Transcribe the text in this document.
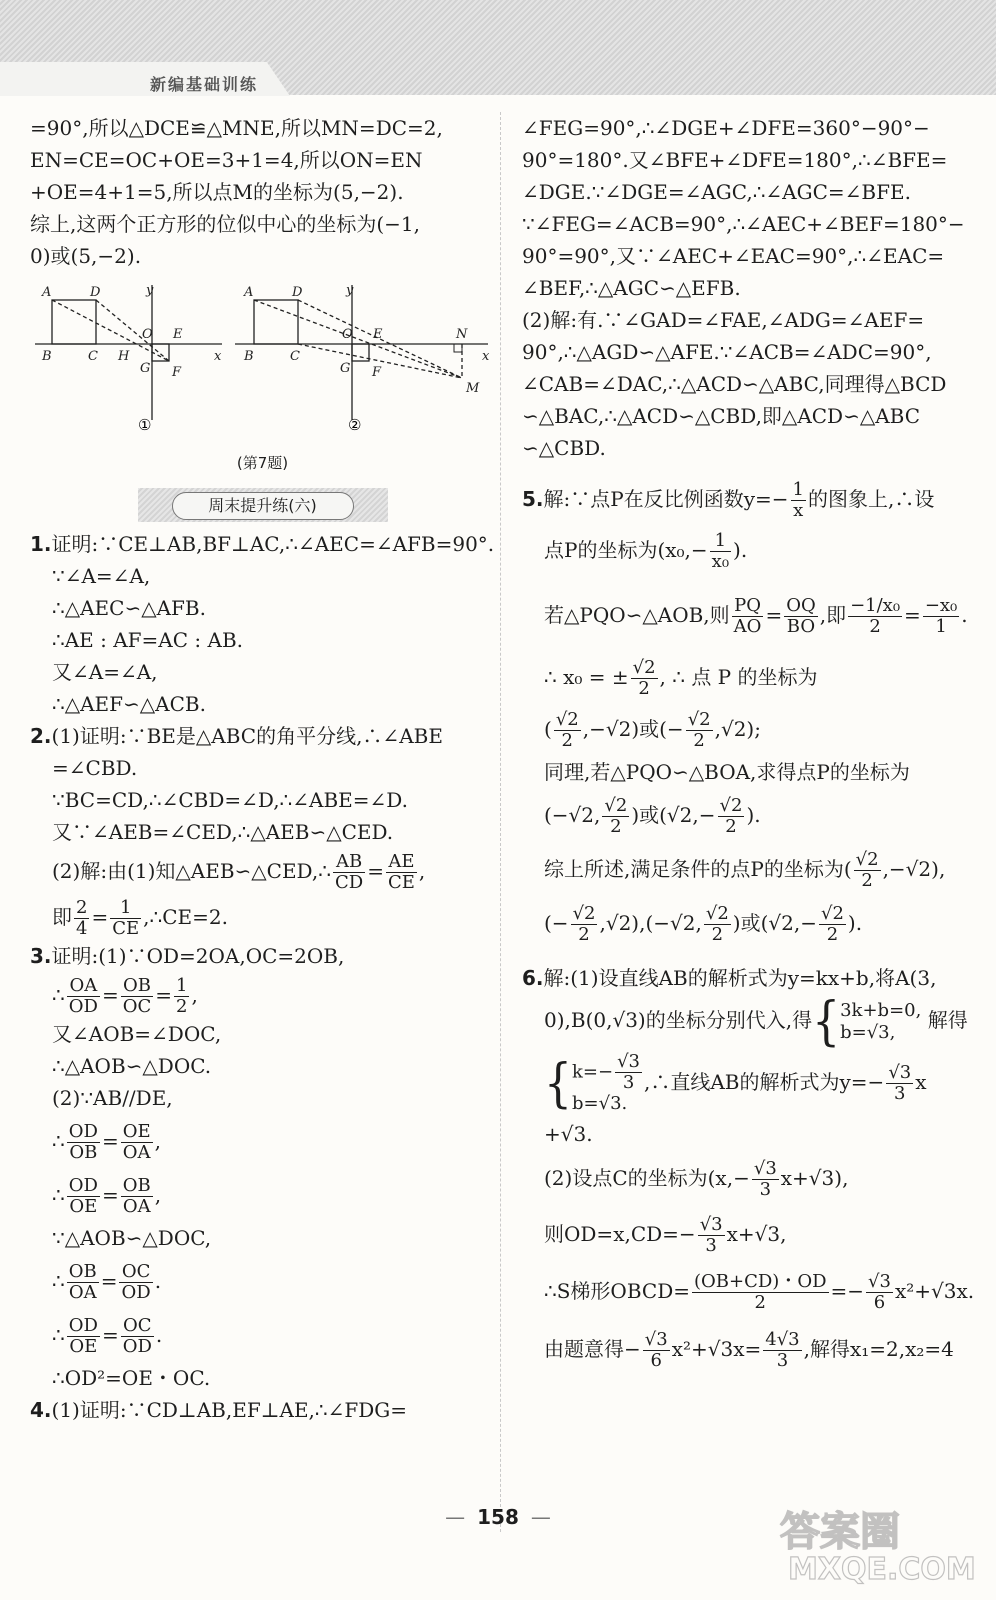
新编基础训练

=90°,所以△DCE≌△MNE,所以MN=DC=2,

EN=CE=OC+OE=3+1=4,所以ON=EN

+OE=4+1=5,所以点M的坐标为(5,−2).

综上,这两个正方形的位似中心的坐标为(−1,

0)或(5,−2).

A	D	y
O E
B	C H	x
G F
A	D	y
O E	N
B	C	x
G F
M
①	②
(第7题)
周末提升练(六)

1.证明:∵CE⊥AB,BF⊥AC,∴∠AEC=∠AFB=90°.

∵∠A=∠A,

∴△AEC∽△AFB.

∴AE : AF=AC : AB.

又∠A=∠A,

∴△AEF∽△ACB.

2.(1)证明:∵BE是△ABC的角平分线,∴∠ABE

=∠CBD.

∵BC=CD,∴∠CBD=∠D,∴∠ABE=∠D.

又∵∠AEB=∠CED,∴△AEB∽△CED.

(2)解:由(1)知△AEB∽△CED,∴ $\frac{AB}{CD} = \frac{AE}{CE}$ ,

即 $\frac{2}{4} = \frac{1}{CE}$ ,∴CE=2.

3.证明:(1)∵OD=2OA,OC=2OB,

∴ $\frac{OA}{OD} = \frac{OB}{OC} = \frac{1}{2}$ ,

又∠AOB=∠DOC,

∴△AOB∽△DOC.

(2)∵AB//DE,

∴ $\frac{OD}{OB} = \frac{OE}{OA}$ ,

∴ $\frac{OD}{OE} = \frac{OB}{OA}$ ,

∵△AOB∽△DOC,

∴ $\frac{OB}{OA} = \frac{OC}{OD}$ .

∴ $\frac{OD}{OE} = \frac{OC}{OD}$ .

∴OD²=OE・OC.

4.(1)证明:∵CD⊥AB,EF⊥AE,∴∠FDG=

∠FEG=90°,∴∠DGE+∠DFE=360°−90°−

90°=180°.又∠BFE+∠DFE=180°,∴∠BFE=

∠DGE.∵∠DGE=∠AGC,∴∠AGC=∠BFE.

∵∠FEG=∠ACB=90°,∴∠AEC+∠BEF=180°−

90°=90°,又∵∠AEC+∠EAC=90°,∴∠EAC=

∠BEF,∴△AGC∽△EFB.

(2)解:有.∵∠GAD=∠FAE,∠ADG=∠AEF=

90°,∴△AGD∽△AFE.∵∠ACB=∠ADC=90°,

∠CAB=∠DAC,∴△ACD∽△ABC,同理得△BCD

∽△BAC,∴△ACD∽△CBD,即△ACD∽△ABC

∽△CBD.

5.解:∵点P在反比例函数$y=- \frac{1}{x}$ 的图象上,∴设

点P的坐标为($x_0,- \frac{1}{\text{x₀}}$ ).

若△PQO∽△AOB,则 $\frac{PQ}{AO} = \frac{OQ}{BO}$ ,即 $\frac{\text{−1/x₀}}{2} = \frac{\text{−x₀}}{1}$ .

∴ x₀ = ± $\frac{√2}{2}$ , ∴ 点 P 的坐标为

( $\frac{√2}{2} ,-√2$)或(− $\frac{√2}{2} ,√2$);

同理,若△PQO∽△BOA,求得点P的坐标为

(−√2, $\frac{√2}{2}$ )或($√2,- \frac{√2}{2}$ ).

综上所述,满足条件的点P的坐标为( $\frac{√2}{2} ,-√2$),

(− $\frac{√2}{2} ,√2),(-√2$, $\frac{√2}{2}$ )或($√2,- \frac{√2}{2}$ ).

6.解:(1)设直线AB的解析式为y=kx+b,将A(3,

0),B(0,√3)的坐标分别代入,得{ 3k+b=0,
b=√3,	解得

{ $k=- \frac{√3}{3}$
b=√3.
,∴直线AB的解析式为$y=- \frac{√3}{3}$ x

+√3.

(2)设点C的坐标为$(x,- \frac{√3}{3} x+√3)$,

则$OD=x,CD=- \frac{√3}{3} x+√3$,

∴S梯形OBCD= $\frac{(OB+CD)・OD}{2} =- \frac{√3}{6} x^2+√3x$.

由题意得− $\frac{√3}{6} x^2+√3x= \frac{4√3}{3}$ ,解得x₁=2,x₂=4

— 158 —	答案圈
MXQE.COM
